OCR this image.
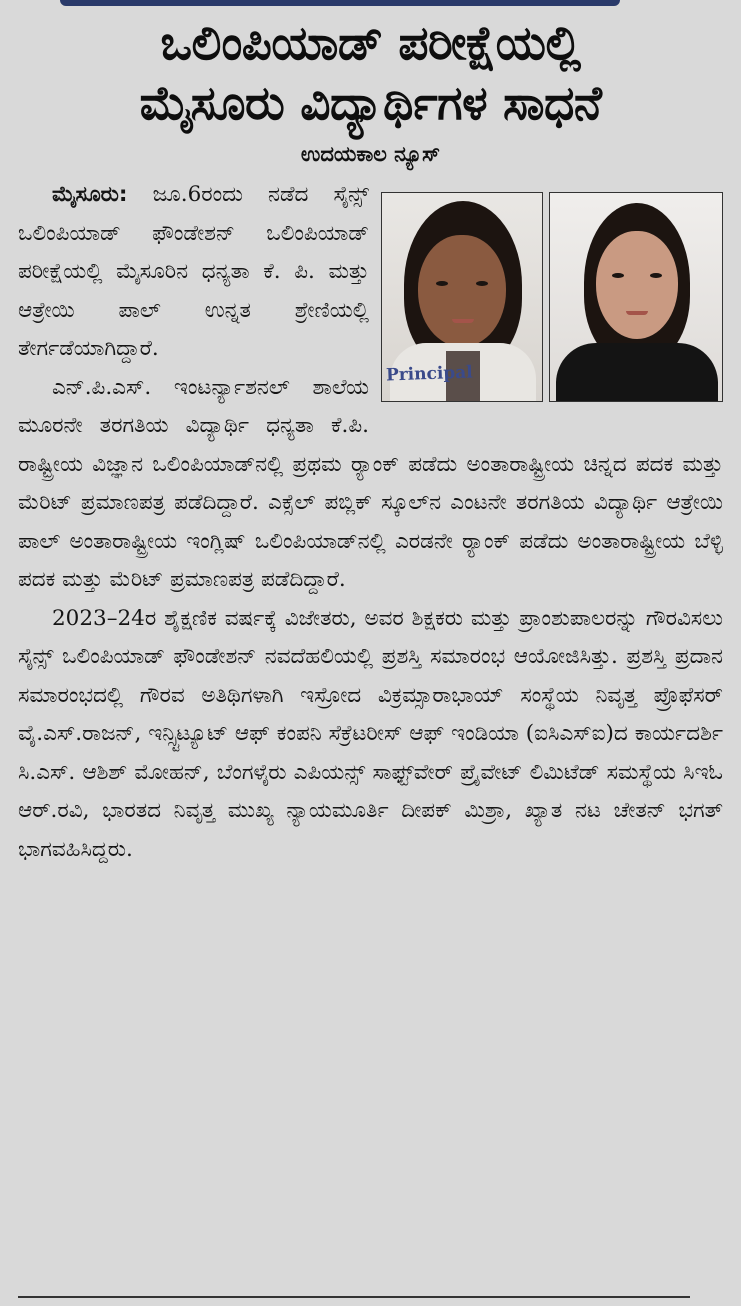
ಒಲಿಂಪಿಯಾಡ್ ಪರೀಕ್ಷೆಯಲ್ಲಿ
ಮೈಸೂರು ವಿದ್ಯಾರ್ಥಿಗಳ ಸಾಧನೆ
ಉದಯಕಾಲ ನ್ಯೂಸ್
Principal

ಮೈಸೂರು: ಜೂ.6ರಂದು ನಡೆದ ಸೈನ್ಸ್ ಒಲಿಂಪಿಯಾಡ್ ಫೌಂಡೇಶನ್ ಒಲಿಂಪಿಯಾಡ್ ಪರೀಕ್ಷೆಯಲ್ಲಿ ಮೈಸೂರಿನ ಧನ್ಯತಾ ಕೆ. ಪಿ. ಮತ್ತು ಆತ್ರೇಯಿ ಪಾಲ್ ಉನ್ನತ ಶ್ರೇಣಿಯಲ್ಲಿ ತೇರ್ಗಡೆಯಾಗಿದ್ದಾರೆ.

ಎನ್.ಪಿ.ಎಸ್. ಇಂಟರ್ನ್ಯಾಶನಲ್ ಶಾಲೆಯ ಮೂರನೇ ತರಗತಿಯ ವಿದ್ಯಾರ್ಥಿ ಧನ್ಯತಾ ಕೆ.ಪಿ. ರಾಷ್ಟ್ರೀಯ ವಿಜ್ಞಾನ ಒಲಿಂಪಿಯಾಡ್‌ನಲ್ಲಿ ಪ್ರಥಮ ರ್‍ಯಾಂಕ್ ಪಡೆದು ಅಂತಾರಾಷ್ಟ್ರೀಯ ಚಿನ್ನದ ಪದಕ ಮತ್ತು ಮೆರಿಟ್ ಪ್ರಮಾಣಪತ್ರ ಪಡೆದಿದ್ದಾರೆ. ಎಕ್ಸೆಲ್ ಪಬ್ಲಿಕ್ ಸ್ಕೂಲ್‌ನ ಎಂಟನೇ ತರಗತಿಯ ವಿದ್ಯಾರ್ಥಿ ಆತ್ರೇಯಿ ಪಾಲ್ ಅಂತಾರಾಷ್ಟ್ರೀಯ ಇಂಗ್ಲಿಷ್ ಒಲಿಂಪಿಯಾಡ್‌ನಲ್ಲಿ ಎರಡನೇ ರ್‍ಯಾಂಕ್ ಪಡೆದು ಅಂತಾರಾಷ್ಟ್ರೀಯ ಬೆಳ್ಳಿ ಪದಕ ಮತ್ತು ಮೆರಿಟ್ ಪ್ರಮಾಣಪತ್ರ ಪಡೆದಿದ್ದಾರೆ.

2023–24ರ ಶೈಕ್ಷಣಿಕ ವರ್ಷಕ್ಕೆ ವಿಜೇತರು, ಅವರ ಶಿಕ್ಷಕರು ಮತ್ತು ಪ್ರಾಂಶುಪಾಲರನ್ನು ಗೌರವಿಸಲು ಸೈನ್ಸ್ ಒಲಿಂಪಿಯಾಡ್ ಫೌಂಡೇಶನ್ ನವದೆಹಲಿಯಲ್ಲಿ ಪ್ರಶಸ್ತಿ ಸಮಾರಂಭ ಆಯೋಜಿಸಿತ್ತು. ಪ್ರಶಸ್ತಿ ಪ್ರದಾನ ಸಮಾರಂಭದಲ್ಲಿ ಗೌರವ ಅತಿಥಿಗಳಾಗಿ ಇಸ್ರೋದ ವಿಕ್ರಮ್ಸಾರಾಭಾಯ್ ಸಂಸ್ಥೆಯ ನಿವೃತ್ತ ಪ್ರೊಫೆಸರ್ ವೈ.ಎಸ್.ರಾಜನ್, ಇನ್ಸ್ಟಿಟ್ಯೂಟ್ ಆಫ್ ಕಂಪನಿ ಸೆಕ್ರೆಟರೀಸ್ ಆಫ್ ಇಂಡಿಯಾ (ಐಸಿಎಸ್‌ಐ)ದ ಕಾರ್ಯದರ್ಶಿ ಸಿ.ಎಸ್. ಆಶಿಶ್ ಮೋಹನ್, ಬೆಂಗಳೈರು ಎಪಿಯನ್ಸ್ ಸಾಫ್ಟ್‌ವೇರ್ ಪ್ರೈವೇಟ್ ಲಿಮಿಟೆಡ್ ಸಮಸ್ಥೆಯ ಸಿಇಓ ಆರ್.ರವಿ, ಭಾರತದ ನಿವೃತ್ತ ಮುಖ್ಯ ನ್ಯಾಯಮೂರ್ತಿ ದೀಪಕ್ ಮಿಶ್ರಾ, ಖ್ಯಾತ ನಟ ಚೇತನ್ ಭಗತ್ ಭಾಗವಹಿಸಿದ್ದರು.
